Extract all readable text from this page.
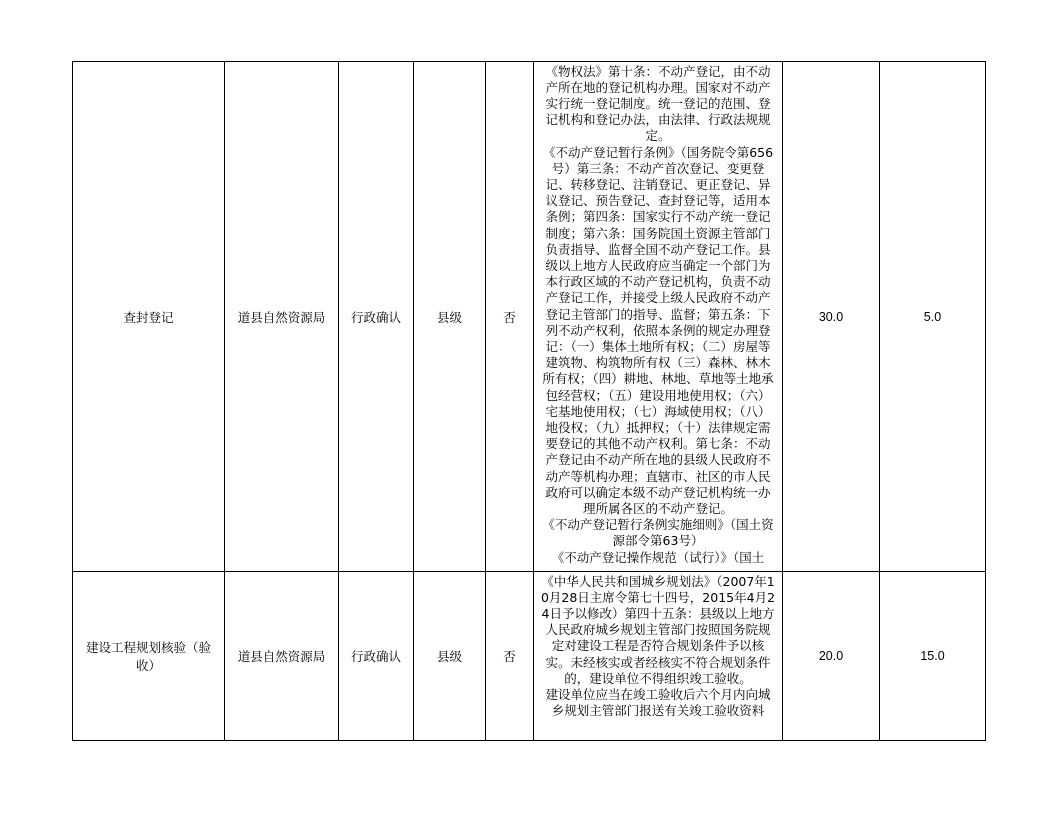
查封登记	道县自然资源局	行政确认	县级	否	《物权法》第十条：不动产登记，由不动产所在地的登记机构办理。国家对不动产实行统一登记制度。统一登记的范围、登记机构和登记办法，由法律、行政法规规定。

《不动产登记暂行条例》（国务院令第656号）第三条：不动产首次登记、变更登记、转移登记、注销登记、更正登记、异议登记、预告登记、查封登记等，适用本条例；第四条：国家实行不动产统一登记制度；第六条：国务院国土资源主管部门负责指导、监督全国不动产登记工作。县级以上地方人民政府应当确定一个部门为本行政区域的不动产登记机构，负责不动产登记工作，并接受上级人民政府不动产登记主管部门的指导、监督；第五条：下列不动产权利，依照本条例的规定办理登记：（一）集体土地所有权；（二）房屋等建筑物、构筑物所有权（三）森林、林木所有权；（四）耕地、林地、草地等土地承包经营权；（五）建设用地使用权；（六）宅基地使用权；（七）海域使用权；（八）地役权；（九）抵押权；（十）法律规定需要登记的其他不动产权利。第七条：不动产登记由不动产所在地的县级人民政府不动产等机构办理；直辖市、社区的市人民政府可以确定本级不动产登记机构统一办理所属各区的不动产登记。

《不动产登记暂行条例实施细则》（国土资源部令第63号）

《不动产登记操作规范（试行）》（国土	30.0	5.0
建设工程规划核验（验收）	道县自然资源局	行政确认	县级	否	《中华人民共和国城乡规划法》（2007年10月28日主席令第七十四号，2015年4月24日予以修改）第四十五条：县级以上地方人民政府城乡规划主管部门按照国务院规定对建设工程是否符合规划条件予以核实。未经核实或者经核实不符合规划条件的，建设单位不得组织竣工验收。

建设单位应当在竣工验收后六个月内向城乡规划主管部门报送有关竣工验收资料	20.0	15.0
